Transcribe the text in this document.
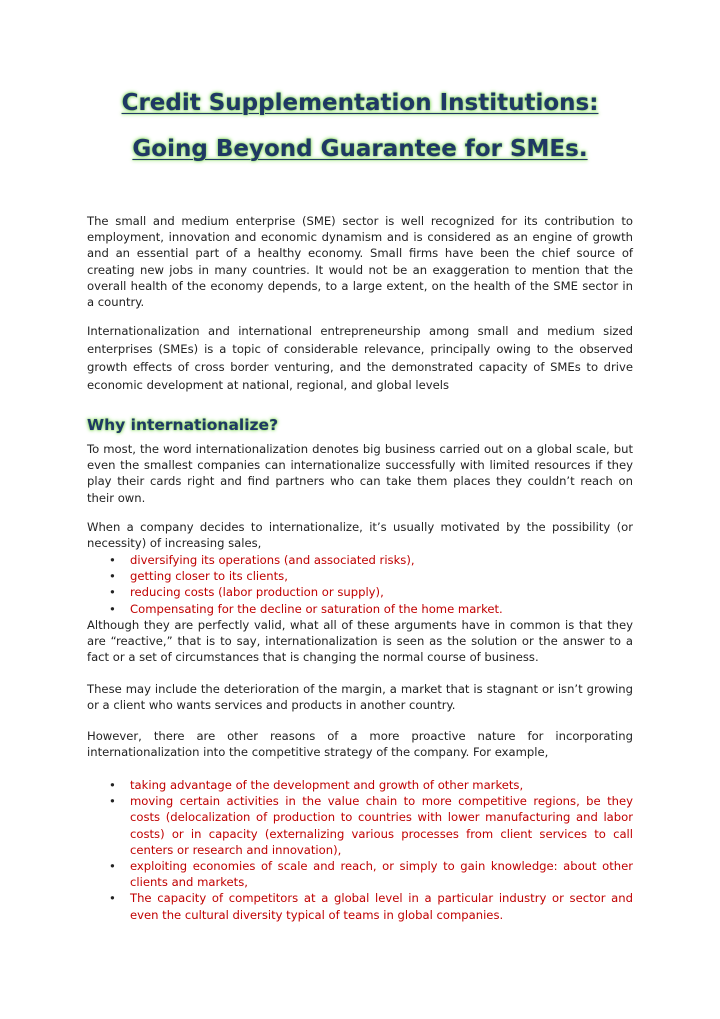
Credit Supplementation Institutions:
Going Beyond Guarantee for SMEs.

The small and medium enterprise (SME) sector is well recognized for its contribution to employment, innovation and economic dynamism and is considered as an engine of growth and an essential part of a healthy economy. Small firms have been the chief source of creating new jobs in many countries. It would not be an exaggeration to mention that the overall health of the economy depends, to a large extent, on the health of the SME sector in a country.

Internationalization and international entrepreneurship among small and medium sized enterprises (SMEs) is a topic of considerable relevance, principally owing to the observed growth effects of cross border venturing, and the demonstrated capacity of SMEs to drive economic development at national, regional, and global levels

Why internationalize?

To most, the word internationalization denotes big business carried out on a global scale, but even the smallest companies can internationalize successfully with limited resources if they play their cards right and find partners who can take them places they couldn’t reach on their own.

When a company decides to internationalize, it’s usually motivated by the possibility (or necessity) of increasing sales,

• diversifying its operations (and associated risks),
• getting closer to its clients,
• reducing costs (labor production or supply),
• Compensating for the decline or saturation of the home market.

Although they are perfectly valid, what all of these arguments have in common is that they are “reactive,” that is to say, internationalization is seen as the solution or the answer to a fact or a set of circumstances that is changing the normal course of business.

These may include the deterioration of the margin, a market that is stagnant or isn’t growing or a client who wants services and products in another country.

However, there are other reasons of a more proactive nature for incorporating internationalization into the competitive strategy of the company. For example,

• taking advantage of the development and growth of other markets,
• moving certain activities in the value chain to more competitive regions, be they costs (delocalization of production to countries with lower manufacturing and labor costs) or in capacity (externalizing various processes from client services to call centers or research and innovation),
• exploiting economies of scale and reach, or simply to gain knowledge: about other clients and markets,
• The capacity of competitors at a global level in a particular industry or sector and even the cultural diversity typical of teams in global companies.
